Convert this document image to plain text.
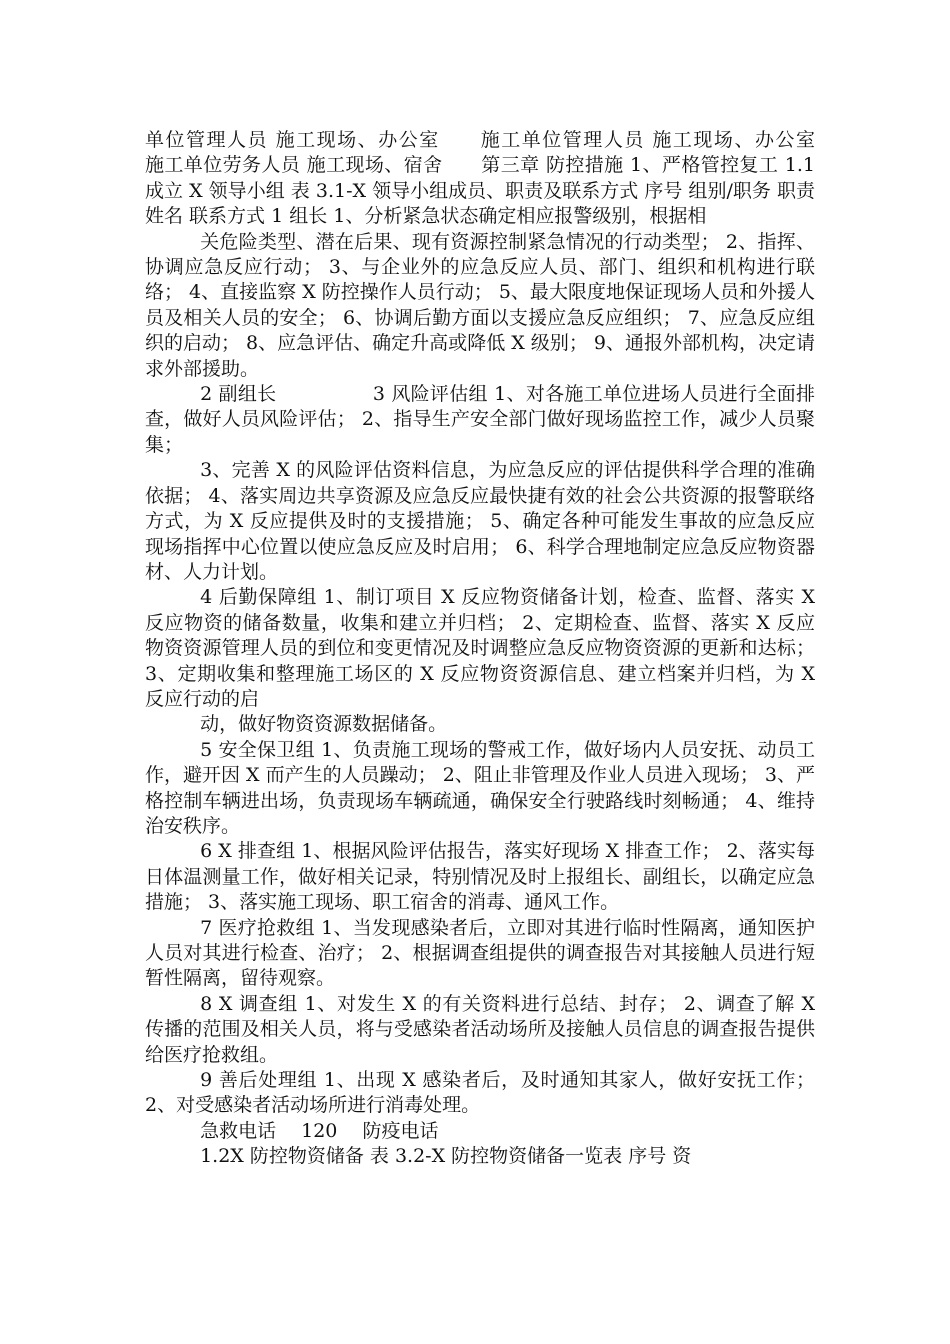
单位管理人员 施工现场、办公室　　施工单位管理人员 施工现场、办公室　　施工单位劳务人员 施工现场、宿舍　　第三章 防控措施 1、严格管控复工 1.1 成立 X 领导小组 表 3.1-X 领导小组成员、职责及联系方式 序号 组别/职务 职责 姓名 联系方式 1 组长 1、分析紧急状态确定相应报警级别，根据相

关危险类型、潜在后果、现有资源控制紧急情况的行动类型； 2、指挥、协调应急反应行动； 3、与企业外的应急反应人员、部门、组织和机构进行联络； 4、直接监察 X 防控操作人员行动； 5、最大限度地保证现场人员和外援人员及相关人员的安全； 6、协调后勤方面以支援应急反应组织； 7、应急反应组织的启动； 8、应急评估、确定升高或降低 X 级别； 9、通报外部机构，决定请求外部援助。

2 副组长　　　　　3 风险评估组 1、对各施工单位进场人员进行全面排查，做好人员风险评估； 2、指导生产安全部门做好现场监控工作，减少人员聚集；

3、完善 X 的风险评估资料信息，为应急反应的评估提供科学合理的准确依据； 4、落实周边共享资源及应急反应最快捷有效的社会公共资源的报警联络方式，为 X 反应提供及时的支援措施； 5、确定各种可能发生事故的应急反应现场指挥中心位置以使应急反应及时启用； 6、科学合理地制定应急反应物资器材、人力计划。

4 后勤保障组 1、制订项目 X 反应物资储备计划，检查、监督、落实 X 反应物资的储备数量，收集和建立并归档； 2、定期检查、监督、落实 X 反应物资资源管理人员的到位和变更情况及时调整应急反应物资资源的更新和达标； 3、定期收集和整理施工场区的 X 反应物资资源信息、建立档案并归档，为 X 反应行动的启

动，做好物资资源数据储备。

5 安全保卫组 1、负责施工现场的警戒工作，做好场内人员安抚、动员工作，避开因 X 而产生的人员躁动； 2、阻止非管理及作业人员进入现场； 3、严格控制车辆进出场，负责现场车辆疏通，确保安全行驶路线时刻畅通； 4、维持治安秩序。

6 X 排查组 1、根据风险评估报告，落实好现场 X 排查工作； 2、落实每日体温测量工作，做好相关记录，特别情况及时上报组长、副组长，以确定应急措施； 3、落实施工现场、职工宿舍的消毒、通风工作。

7 医疗抢救组 1、当发现感染者后，立即对其进行临时性隔离，通知医护人员对其进行检查、治疗； 2、根据调查组提供的调查报告对其接触人员进行短暂性隔离，留待观察。

8 X 调查组 1、对发生 X 的有关资料进行总结、封存； 2、调查了解 X 传播的范围及相关人员，将与受感染者活动场所及接触人员信息的调查报告提供给医疗抢救组。

9 善后处理组 1、出现 X 感染者后，及时通知其家人，做好安抚工作； 2、对受感染者活动场所进行消毒处理。

急救电话　 120　 防疫电话

1.2X 防控物资储备 表 3.2-X 防控物资储备一览表 序号 资
